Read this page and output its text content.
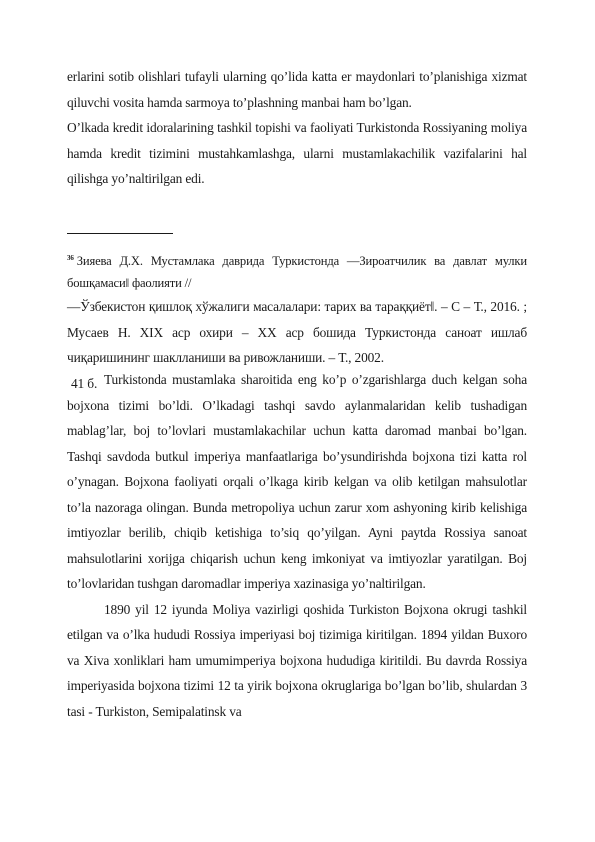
erlarini sotib olishlari tufayli ularning qo’lida katta er maydonlari to’planishiga xizmat qiluvchi vosita hamda sarmoya to’plashning manbai ham bo’lgan.

O’lkada kredit idoralarining tashkil topishi va faoliyati Turkistonda Rossiyaning moliya hamda kredit tizimini mustahkamlashga, ularni mustamlakachilik vazifalarini hal qilishga yo’naltirilgan edi.

$^{36}$ Зияева Д.Х. Мустамлака даврида Туркистонда ―Зироатчилик ва давлат мулки бошқамаси‖ фаолияти //

―Ўзбекистон қишлоқ хўжалиги масалалари: тарих ва тараққиёт‖. – С – Т., 2016. ; Мусаев Н. XIX аср охири – XX аср бошида Туркистонда саноат ишлаб чиқаришининг шаклланиши ва ривожланиши. – Т., 2002.

41 б. Turkistonda mustamlaka sharoitida eng ko’p o’zgarishlarga duch kelgan soha bojxona tizimi bo’ldi. O’lkadagi tashqi savdo aylanmalaridan kelib tushadigan mablag’lar, boj to’lovlari mustamlakachilar uchun katta daromad manbai bo’lgan. Tashqi savdoda butkul imperiya manfaatlariga bo’ysundirishda bojxona tizi katta rol o’ynagan. Bojxona faoliyati orqali o’lkaga kirib kelgan va olib ketilgan mahsulotlar to’la nazoraga olingan. Bunda metropoliya uchun zarur xom ashyoning kirib kelishiga imtiyozlar berilib, chiqib ketishiga to’siq qo’yilgan. Ayni paytda Rossiya sanoat mahsulotlarini xorijga chiqarish uchun keng imkoniyat va imtiyozlar yaratilgan. Boj to’lovlaridan tushgan daromadlar imperiya xazinasiga yo’naltirilgan.

1890 yil 12 iyunda Moliya vazirligi qoshida Turkiston Bojxona okrugi tashkil etilgan va o’lka hududi Rossiya imperiyasi boj tizimiga kiritilgan. 1894 yildan Buxoro va Xiva xonliklari ham umumimperiya bojxona hududiga kiritildi. Bu davrda Rossiya imperiyasida bojxona tizimi 12 ta yirik bojxona okruglariga bo’lgan bo’lib, shulardan 3 tasi - Turkiston, Semipalatinsk va
